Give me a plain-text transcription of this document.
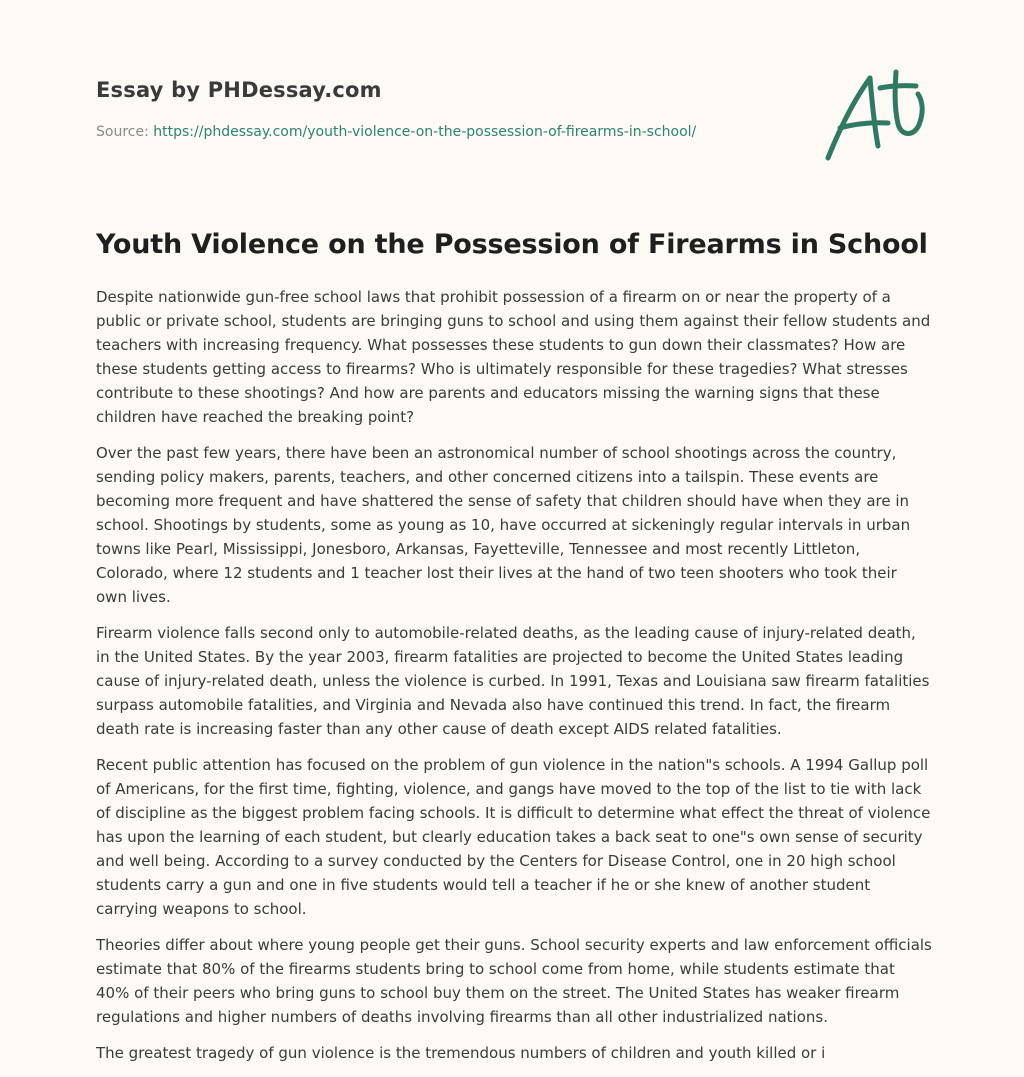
Essay by PHDessay.com
Source: https://phdessay.com/youth-violence-on-the-possession-of-firearms-in-school/
Youth Violence on the Possession of Firearms in School

Despite nationwide gun-free school laws that prohibit possession of a firearm on or near the property of a public or private school, students are bringing guns to school and using them against their fellow students and teachers with increasing frequency. What possesses these students to gun down their classmates? How are these students getting access to firearms? Who is ultimately responsible for these tragedies? What stresses contribute to these shootings? And how are parents and educators missing the warning signs that these children have reached the breaking point?

Over the past few years, there have been an astronomical number of school shootings across the country, sending policy makers, parents, teachers, and other concerned citizens into a tailspin. These events are becoming more frequent and have shattered the sense of safety that children should have when they are in school. Shootings by students, some as young as 10, have occurred at sickeningly regular intervals in urban towns like Pearl, Mississippi, Jonesboro, Arkansas, Fayetteville, Tennessee and most recently Littleton, Colorado, where 12 students and 1 teacher lost their lives at the hand of two teen shooters who took their own lives.

Firearm violence falls second only to automobile-related deaths, as the leading cause of injury-related death, in the United States. By the year 2003, firearm fatalities are projected to become the United States leading cause of injury-related death, unless the violence is curbed. In 1991, Texas and Louisiana saw firearm fatalities surpass automobile fatalities, and Virginia and Nevada also have continued this trend. In fact, the firearm death rate is increasing faster than any other cause of death except AIDS related fatalities.

Recent public attention has focused on the problem of gun violence in the nation"s schools. A 1994 Gallup poll of Americans, for the first time, fighting, violence, and gangs have moved to the top of the list to tie with lack of discipline as the biggest problem facing schools. It is difficult to determine what effect the threat of violence has upon the learning of each student, but clearly education takes a back seat to one"s own sense of security and well being. According to a survey conducted by the Centers for Disease Control, one in 20 high school students carry a gun and one in five students would tell a teacher if he or she knew of another student carrying weapons to school.

Theories differ about where young people get their guns. School security experts and law enforcement officials estimate that 80% of the firearms students bring to school come from home, while students estimate that 40% of their peers who bring guns to school buy them on the street. The United States has weaker firearm regulations and higher numbers of deaths involving firearms than all other industrialized nations.

The greatest tragedy of gun violence is the tremendous numbers of children and youth killed or i
